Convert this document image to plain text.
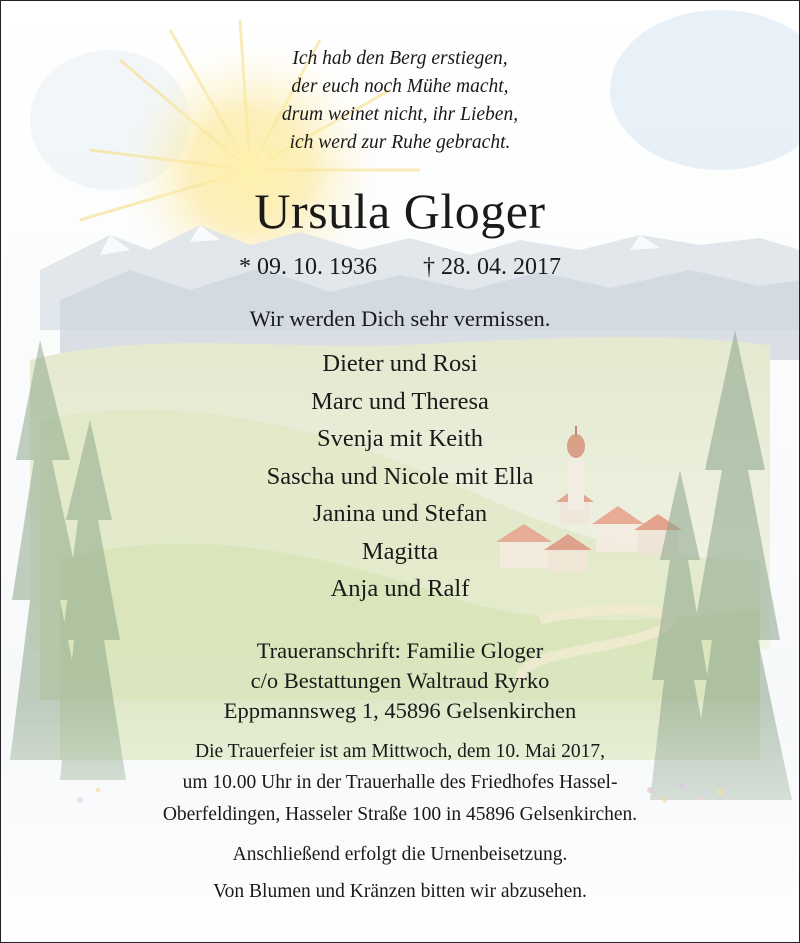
Ich hab den Berg erstiegen,
der euch noch Mühe macht,
drum weinet nicht, ihr Lieben,
ich werd zur Ruhe gebracht.
Ursula Gloger
* 09. 10. 1936 † 28. 04. 2017
Wir werden Dich sehr vermissen.
Dieter und Rosi
Marc und Theresa
Svenja mit Keith
Sascha und Nicole mit Ella
Janina und Stefan
Magitta
Anja und Ralf
Traueranschrift: Familie Gloger
c/o Bestattungen Waltraud Ryrko
Eppmannsweg 1, 45896 Gelsenkirchen
Die Trauerfeier ist am Mittwoch, dem 10. Mai 2017,
um 10.00 Uhr in der Trauerhalle des Friedhofes Hassel-
Oberfeldingen, Hasseler Straße 100 in 45896 Gelsenkirchen.
Anschließend erfolgt die Urnenbeisetzung.
Von Blumen und Kränzen bitten wir abzusehen.
